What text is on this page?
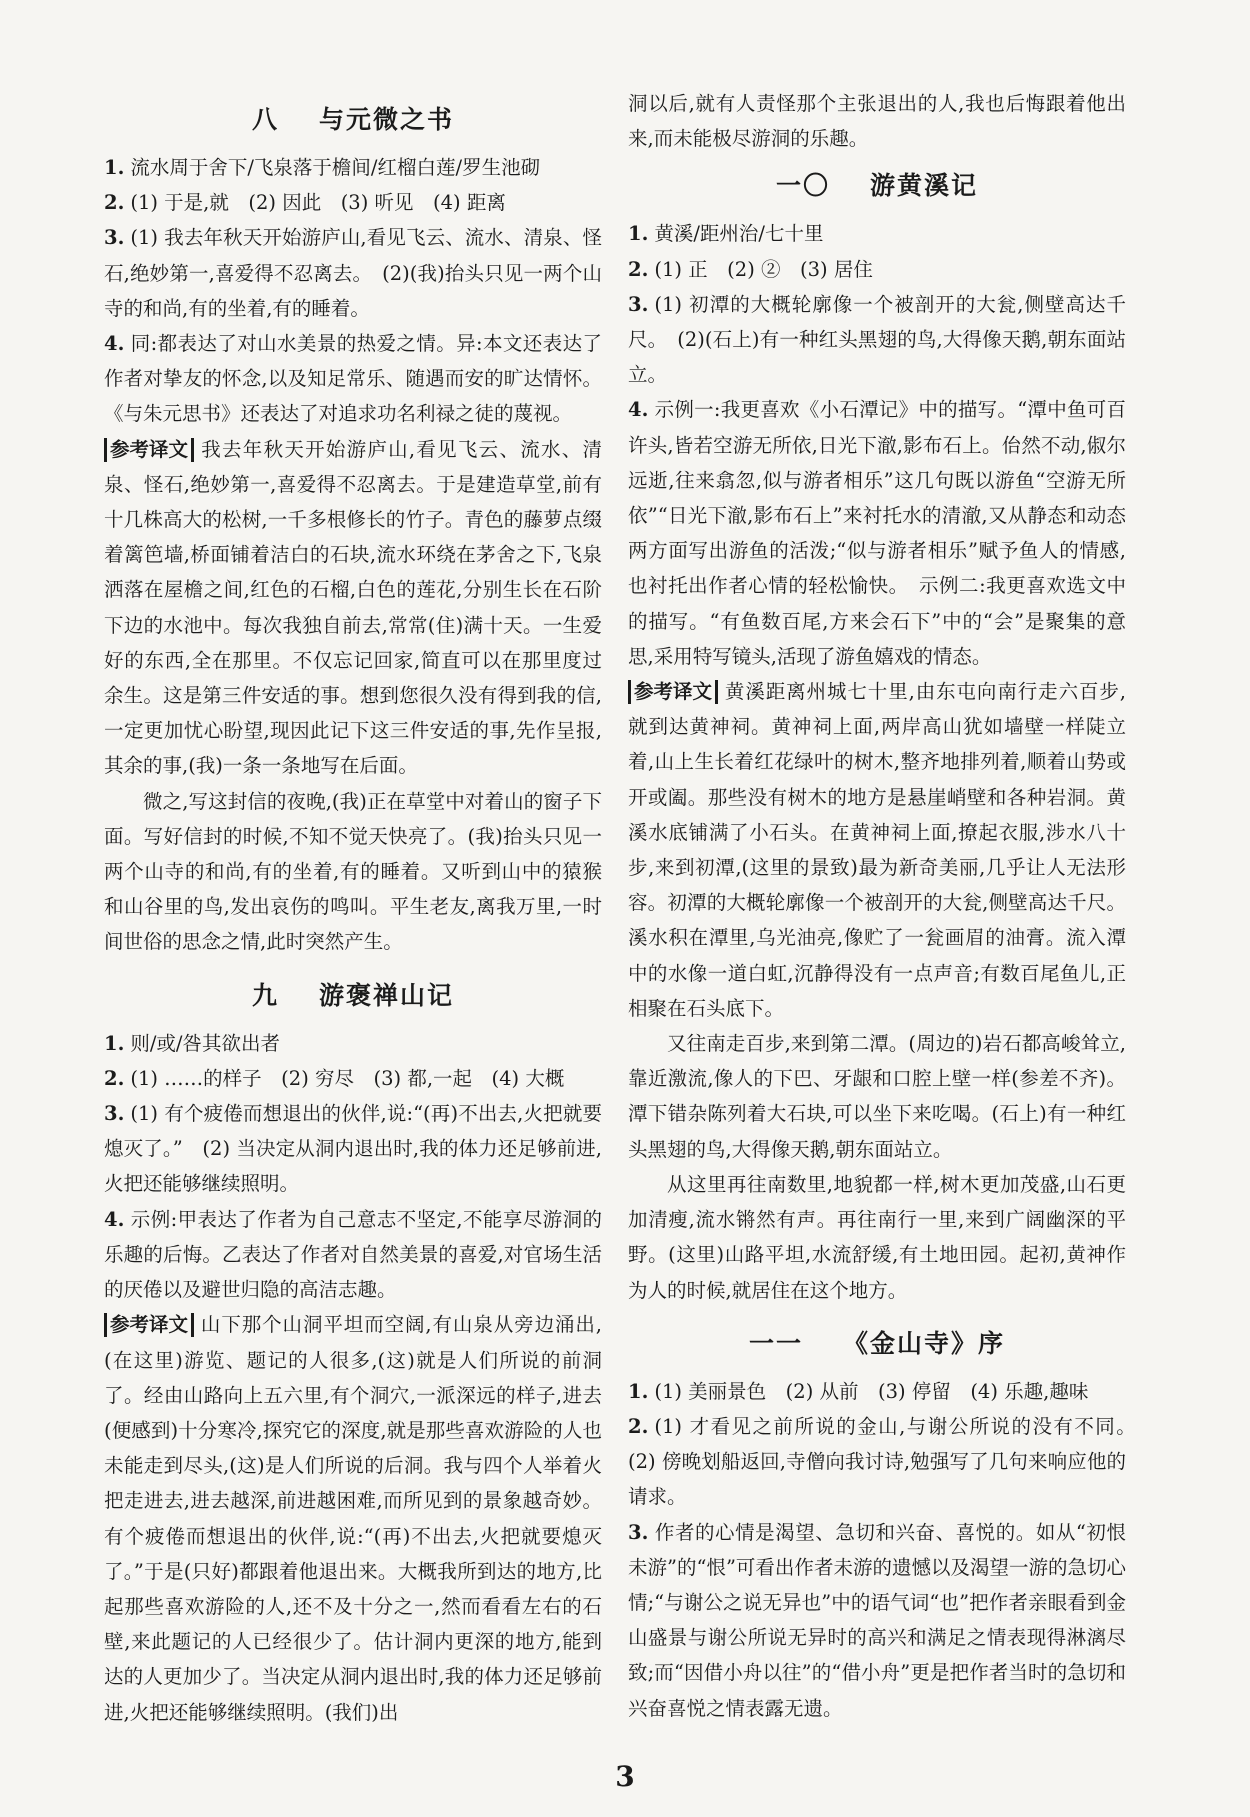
八 与元微之书

1. 流水周于舍下/飞泉落于檐间/红榴白莲/罗生池砌

2. (1) 于是,就　(2) 因此　(3) 听见　(4) 距离

3. (1) 我去年秋天开始游庐山,看见飞云、流水、清泉、怪石,绝妙第一,喜爱得不忍离去。　(2)(我)抬头只见一两个山寺的和尚,有的坐着,有的睡着。

4. 同:都表达了对山水美景的热爱之情。异:本文还表达了作者对挚友的怀念,以及知足常乐、随遇而安的旷达情怀。《与朱元思书》还表达了对追求功名利禄之徒的蔑视。

参考译文 我去年秋天开始游庐山,看见飞云、流水、清泉、怪石,绝妙第一,喜爱得不忍离去。于是建造草堂,前有十几株高大的松树,一千多根修长的竹子。青色的藤萝点缀着篱笆墙,桥面铺着洁白的石块,流水环绕在茅舍之下,飞泉洒落在屋檐之间,红色的石榴,白色的莲花,分别生长在石阶下边的水池中。每次我独自前去,常常(住)满十天。一生爱好的东西,全在那里。不仅忘记回家,简直可以在那里度过余生。这是第三件安适的事。想到您很久没有得到我的信,一定更加忧心盼望,现因此记下这三件安适的事,先作呈报,其余的事,(我)一条一条地写在后面。

微之,写这封信的夜晚,(我)正在草堂中对着山的窗子下面。写好信封的时候,不知不觉天快亮了。(我)抬头只见一两个山寺的和尚,有的坐着,有的睡着。又听到山中的猿猴和山谷里的鸟,发出哀伤的鸣叫。平生老友,离我万里,一时间世俗的思念之情,此时突然产生。

九 游褒禅山记

1. 则/或/咎其欲出者

2. (1) ……的样子　(2) 穷尽　(3) 都,一起　(4) 大概

3. (1) 有个疲倦而想退出的伙伴,说:“(再)不出去,火把就要熄灭了。”　(2) 当决定从洞内退出时,我的体力还足够前进,火把还能够继续照明。

4. 示例:甲表达了作者为自己意志不坚定,不能享尽游洞的乐趣的后悔。乙表达了作者对自然美景的喜爱,对官场生活的厌倦以及避世归隐的高洁志趣。

参考译文 山下那个山洞平坦而空阔,有山泉从旁边涌出,(在这里)游览、题记的人很多,(这)就是人们所说的前洞了。经由山路向上五六里,有个洞穴,一派深远的样子,进去(便感到)十分寒冷,探究它的深度,就是那些喜欢游险的人也未能走到尽头,(这)是人们所说的后洞。我与四个人举着火把走进去,进去越深,前进越困难,而所见到的景象越奇妙。有个疲倦而想退出的伙伴,说:“(再)不出去,火把就要熄灭了。”于是(只好)都跟着他退出来。大概我所到达的地方,比起那些喜欢游险的人,还不及十分之一,然而看看左右的石壁,来此题记的人已经很少了。估计洞内更深的地方,能到达的人更加少了。当决定从洞内退出时,我的体力还足够前进,火把还能够继续照明。(我们)出

洞以后,就有人责怪那个主张退出的人,我也后悔跟着他出来,而未能极尽游洞的乐趣。

一〇 游黄溪记

1. 黄溪/距州治/七十里

2. (1) 正　(2) ②　(3) 居住

3. (1) 初潭的大概轮廓像一个被剖开的大瓮,侧壁高达千尺。　(2)(石上)有一种红头黑翅的鸟,大得像天鹅,朝东面站立。

4. 示例一:我更喜欢《小石潭记》中的描写。“潭中鱼可百许头,皆若空游无所依,日光下澈,影布石上。佁然不动,俶尔远逝,往来翕忽,似与游者相乐”这几句既以游鱼“空游无所依”“日光下澈,影布石上”来衬托水的清澈,又从静态和动态两方面写出游鱼的活泼;“似与游者相乐”赋予鱼人的情感,也衬托出作者心情的轻松愉快。　示例二:我更喜欢选文中的描写。“有鱼数百尾,方来会石下”中的“会”是聚集的意思,采用特写镜头,活现了游鱼嬉戏的情态。

参考译文 黄溪距离州城七十里,由东屯向南行走六百步,就到达黄神祠。黄神祠上面,两岸高山犹如墙壁一样陡立着,山上生长着红花绿叶的树木,整齐地排列着,顺着山势或开或阖。那些没有树木的地方是悬崖峭壁和各种岩洞。黄溪水底铺满了小石头。在黄神祠上面,撩起衣服,涉水八十步,来到初潭,(这里的景致)最为新奇美丽,几乎让人无法形容。初潭的大概轮廓像一个被剖开的大瓮,侧壁高达千尺。溪水积在潭里,乌光油亮,像贮了一瓮画眉的油膏。流入潭中的水像一道白虹,沉静得没有一点声音;有数百尾鱼儿,正相聚在石头底下。

又往南走百步,来到第二潭。(周边的)岩石都高峻耸立,靠近激流,像人的下巴、牙龈和口腔上壁一样(参差不齐)。潭下错杂陈列着大石块,可以坐下来吃喝。(石上)有一种红头黑翅的鸟,大得像天鹅,朝东面站立。

从这里再往南数里,地貌都一样,树木更加茂盛,山石更加清瘦,流水锵然有声。再往南行一里,来到广阔幽深的平野。(这里)山路平坦,水流舒缓,有土地田园。起初,黄神作为人的时候,就居住在这个地方。

一一 《金山寺》序

1. (1) 美丽景色　(2) 从前　(3) 停留　(4) 乐趣,趣味

2. (1) 才看见之前所说的金山,与谢公所说的没有不同。　(2) 傍晚划船返回,寺僧向我讨诗,勉强写了几句来响应他的请求。

3. 作者的心情是渴望、急切和兴奋、喜悦的。如从“初恨未游”的“恨”可看出作者未游的遗憾以及渴望一游的急切心情;“与谢公之说无异也”中的语气词“也”把作者亲眼看到金山盛景与谢公所说无异时的高兴和满足之情表现得淋漓尽致;而“因借小舟以往”的“借小舟”更是把作者当时的急切和兴奋喜悦之情表露无遗。

3
